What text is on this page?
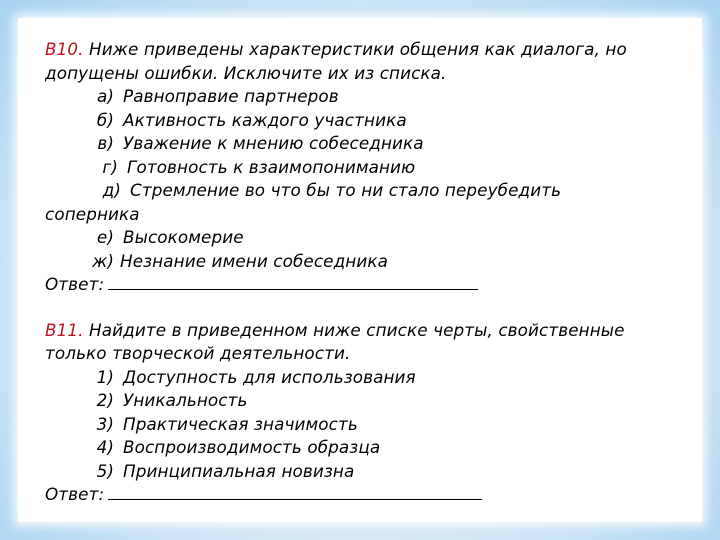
В10. Ниже приведены характеристики общения как диалога, но
допущены ошибки. Исключите их из списка.
а) Равноправие партнеров
б) Активность каждого участника
в) Уважение к мнению собеседника
г) Готовность к взаимопониманию
д) Стремление во что бы то ни стало переубедить
соперника
е) Высокомерие
ж) Незнание имени собеседника
Ответ:
В11. Найдите в приведенном ниже списке черты, свойственные
только творческой деятельности.
1) Доступность для использования
2) Уникальность
3) Практическая значимость
4) Воспроизводимость образца
5) Принципиальная новизна
Ответ:
